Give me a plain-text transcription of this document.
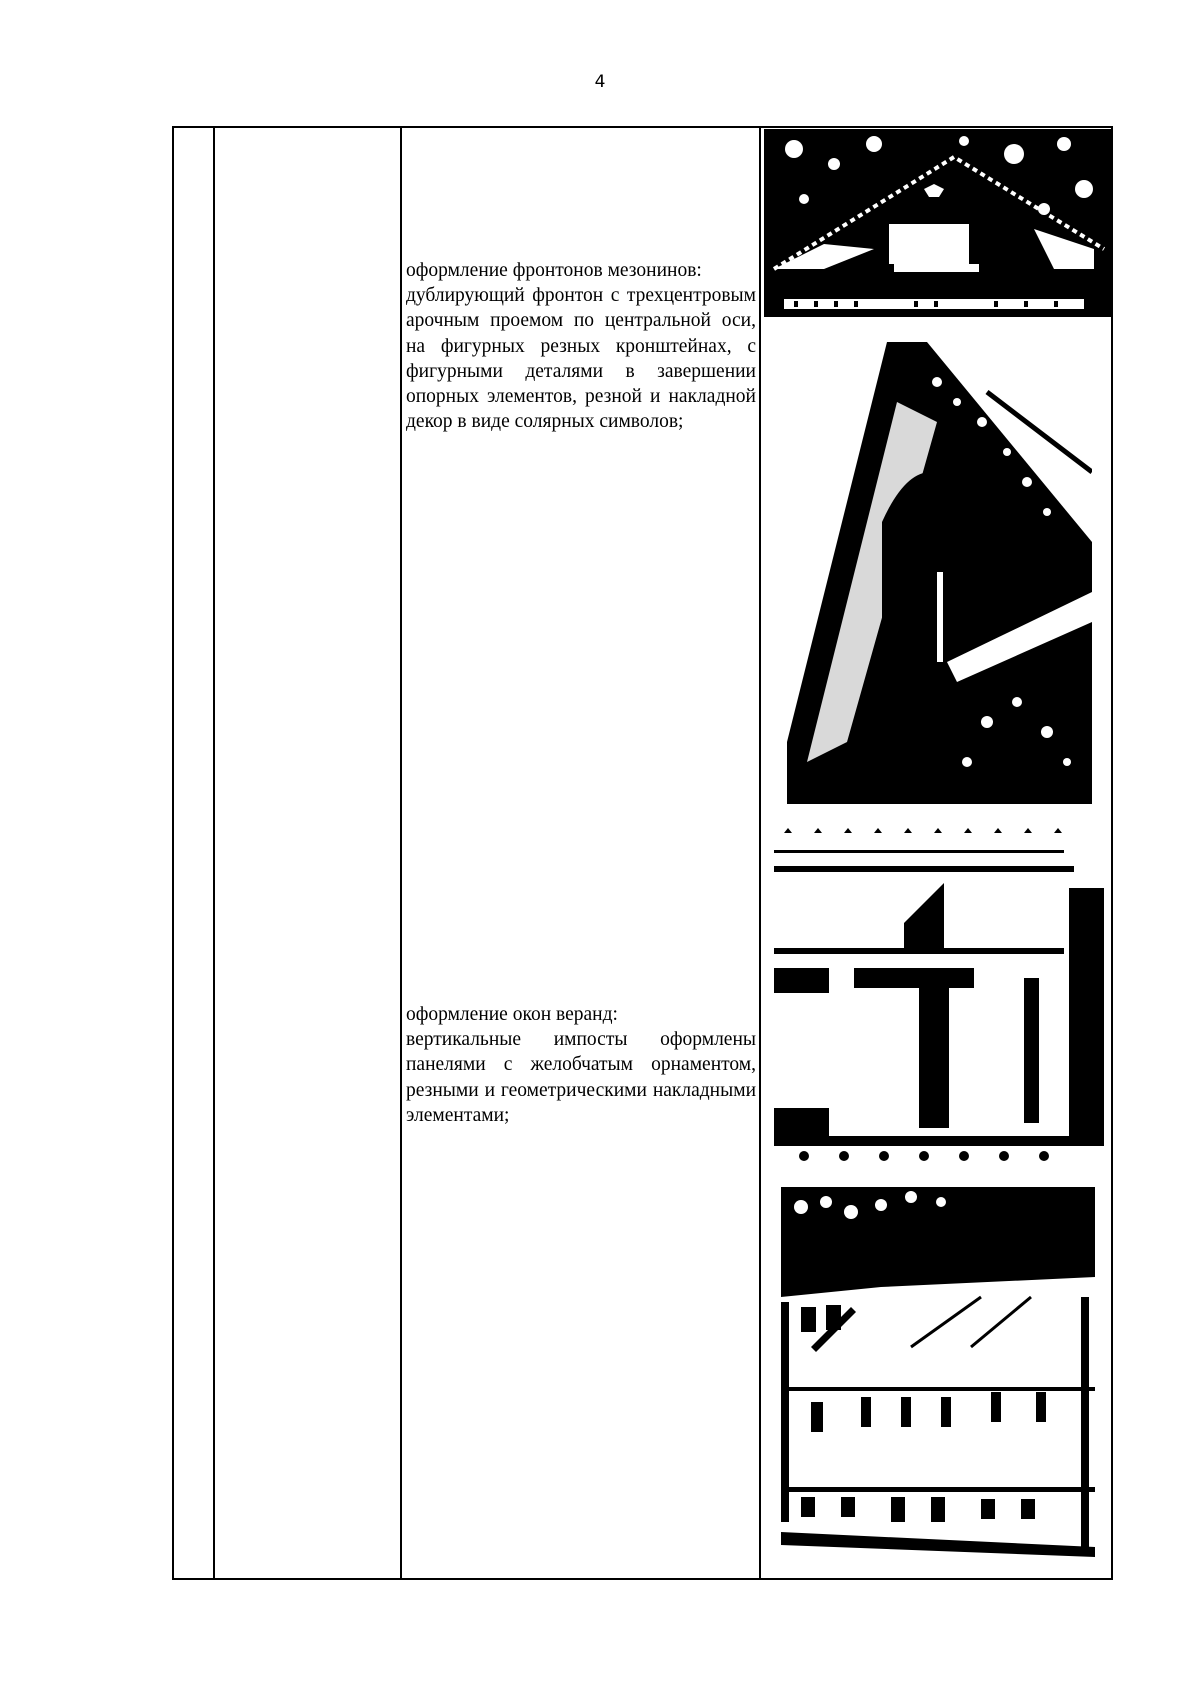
4

оформление фронтонов мезонинов:

дублирующий фронтон с трехцентровым арочным проемом по центральной оси, на фигурных резных кронштейнах, с фигурными деталями в завершении опорных элементов, резной и накладной декор в виде солярных символов;

оформление окон веранд:

вертикальные импосты оформлены панелями с желобчатым орнаментом, резными и геометрическими накладными элементами;
